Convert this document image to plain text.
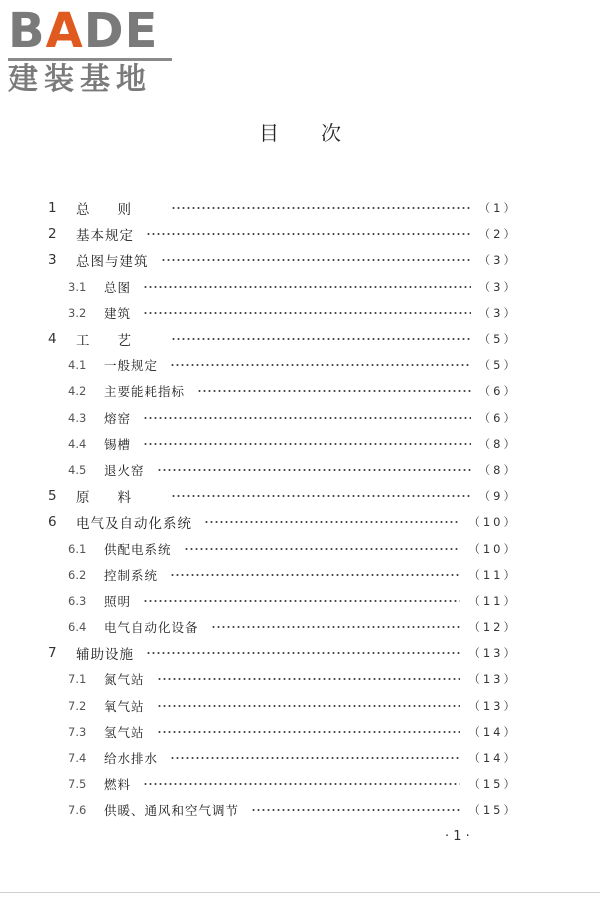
BADE
建装基地
目次
1	总则	（1）
2	基本规定	（2）
3	总图与建筑	（3）
3.1	总图	（3）
3.2	建筑	（3）
4	工艺	（5）
4.1	一般规定	（5）
4.2	主要能耗指标	（6）
4.3	熔窑	（6）
4.4	锡槽	（8）
4.5	退火窑	（8）
5	原料	（9）
6	电气及自动化系统	（10）
6.1	供配电系统	（10）
6.2	控制系统	（11）
6.3	照明	（11）
6.4	电气自动化设备	（12）
7	辅助设施	（13）
7.1	氮气站	（13）
7.2	氧气站	（13）
7.3	氢气站	（14）
7.4	给水排水	（14）
7.5	燃料	（15）
7.6	供暖、通风和空气调节	（15）
· 1 ·
